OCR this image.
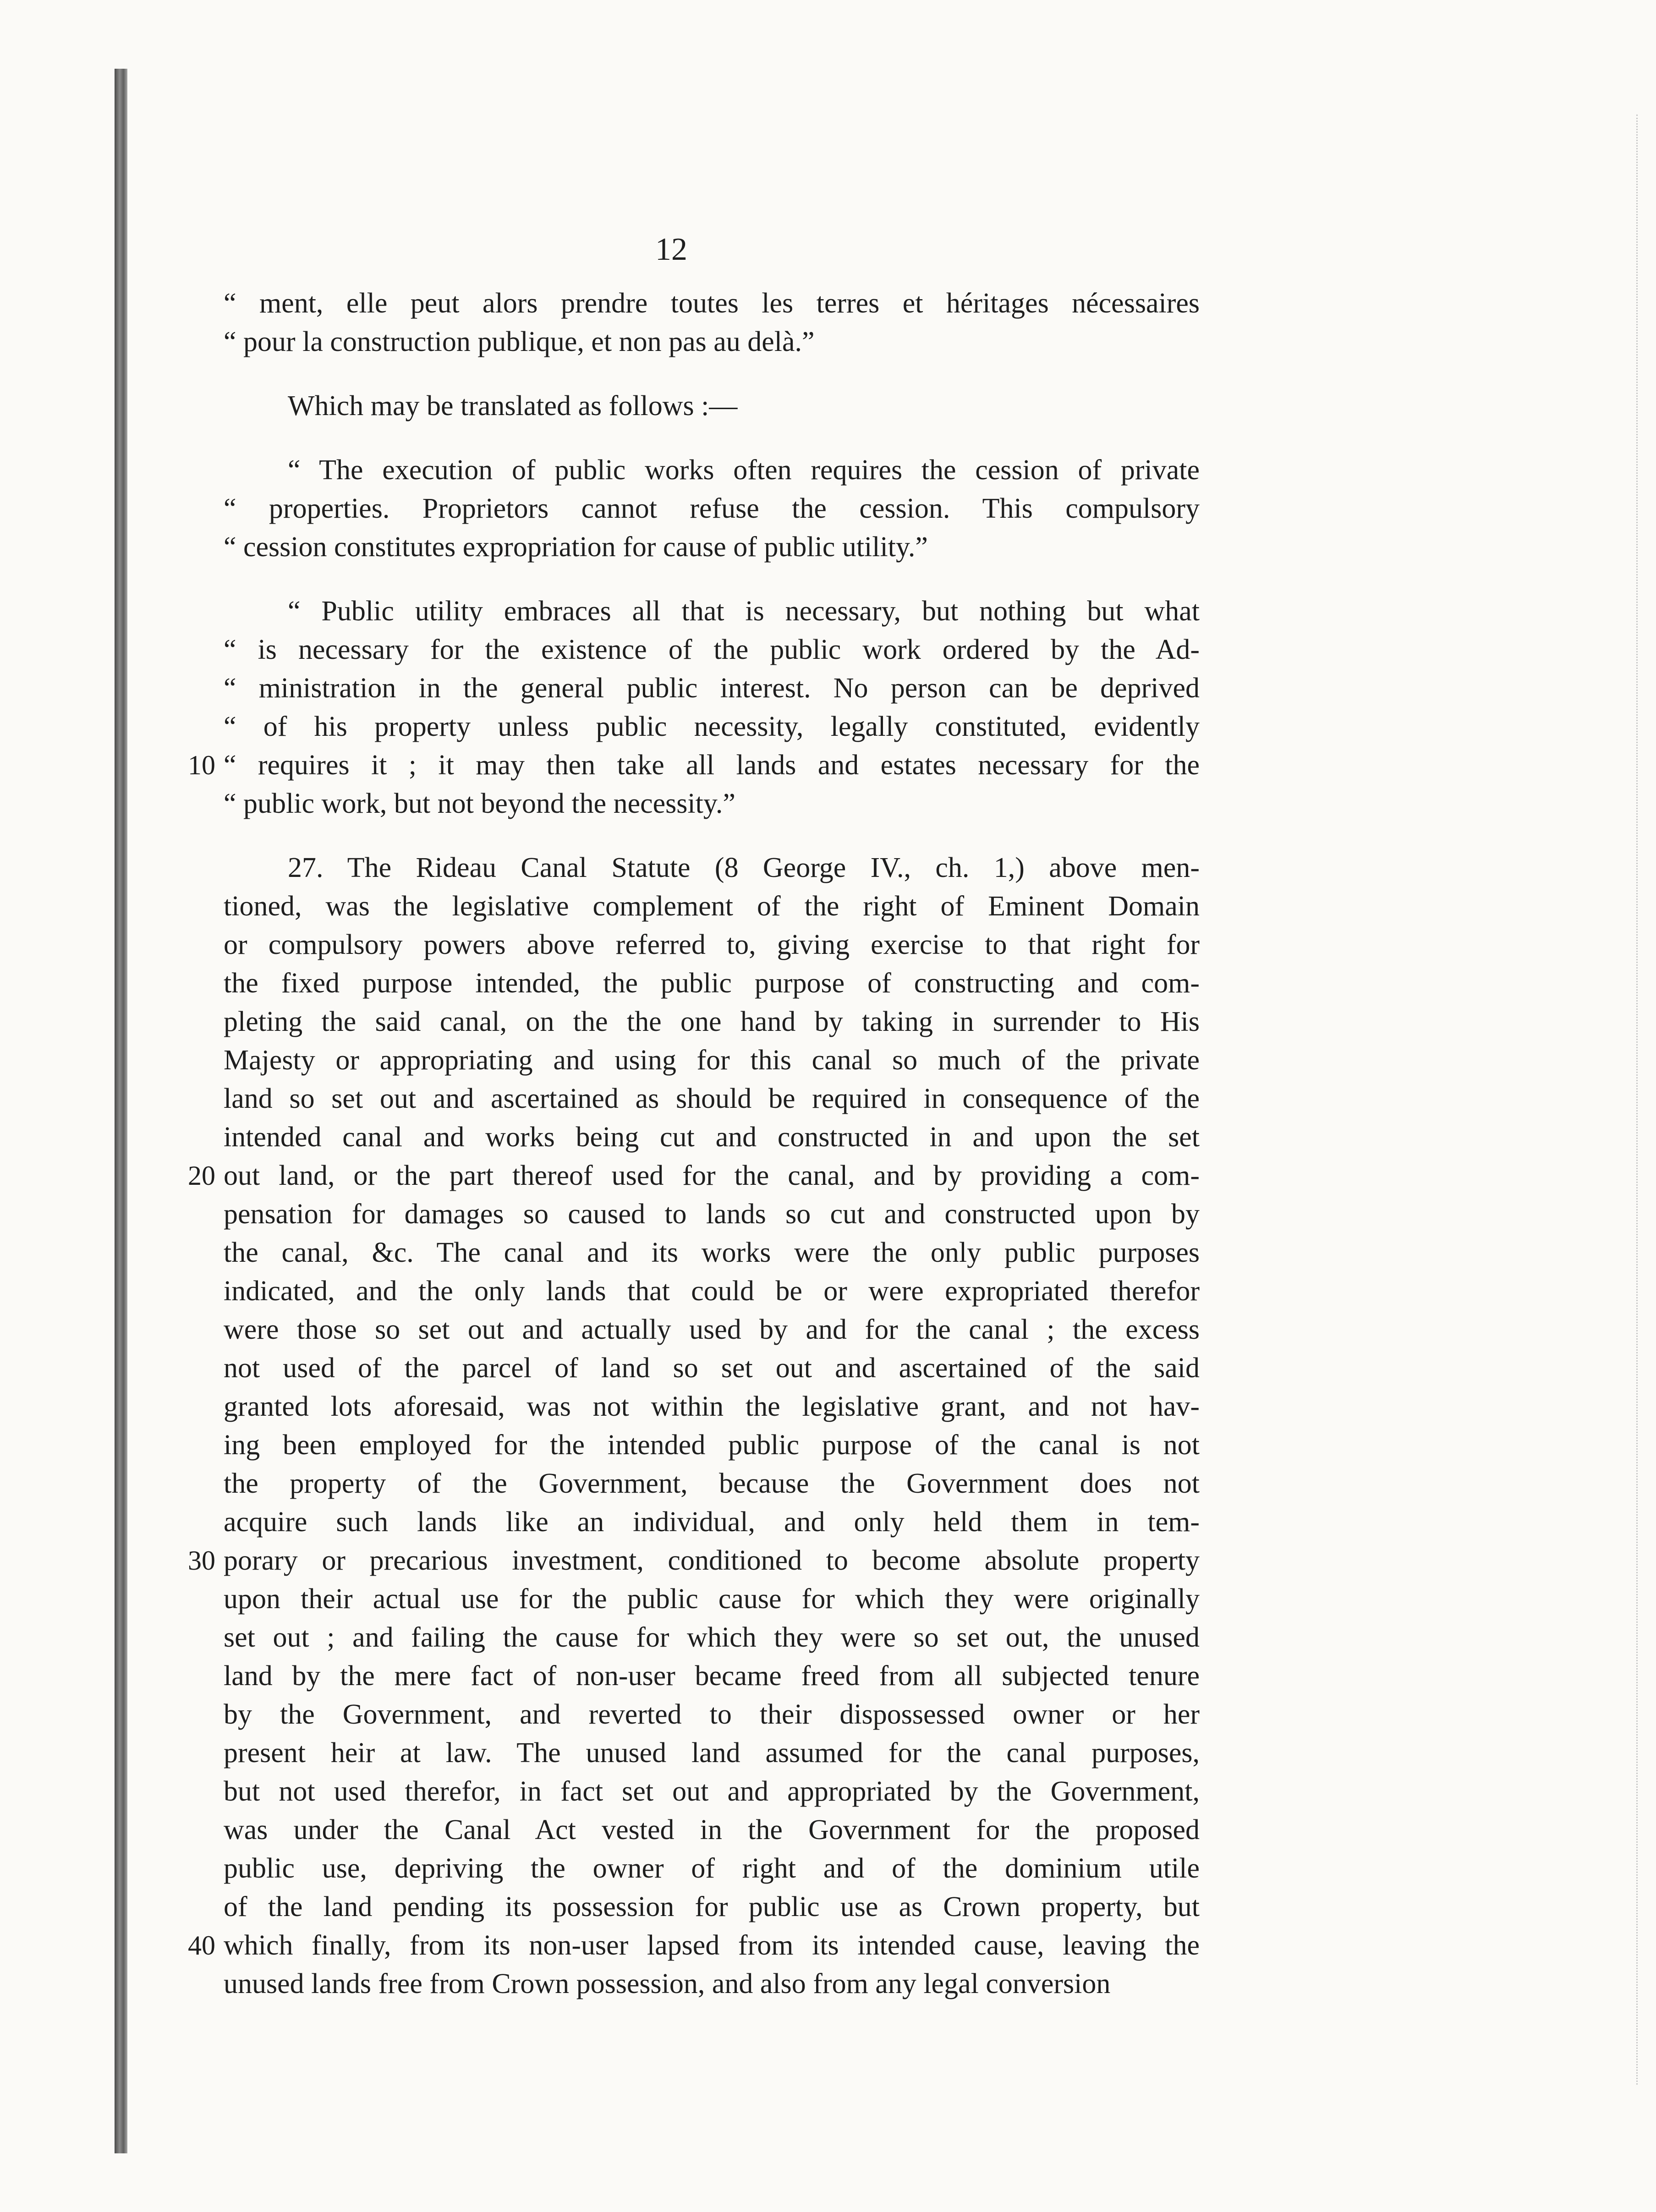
12

“ ment, elle peut alors prendre toutes les terres et héritages nécessaires
“ pour la construction publique, et non pas au delà.”

Which may be translated as follows :—

“ The execution of public works often requires the cession of private
“ properties. Proprietors cannot refuse the cession. This compulsory
“ cession constitutes expropriation for cause of public utility.”

“ Public utility embraces all that is necessary, but nothing but what
“ is necessary for the existence of the public work ordered by the Ad-
“ ministration in the general public interest. No person can be deprived
“ of his property unless public necessity, legally constituted, evidently
10 “ requires it ; it may then take all lands and estates necessary for the
“ public work, but not beyond the necessity.”

27. The Rideau Canal Statute (8 George IV., ch. 1,) above men-
tioned, was the legislative complement of the right of Eminent Domain
or compulsory powers above referred to, giving exercise to that right for
the fixed purpose intended, the public purpose of constructing and com-
pleting the said canal, on the the one hand by taking in surrender to His
Majesty or appropriating and using for this canal so much of the private
land so set out and ascertained as should be required in consequence of the
intended canal and works being cut and constructed in and upon the set
20 out land, or the part thereof used for the canal, and by providing a com-
pensation for damages so caused to lands so cut and constructed upon by
the canal, &c. The canal and its works were the only public purposes
indicated, and the only lands that could be or were expropriated therefor
were those so set out and actually used by and for the canal ; the excess
not used of the parcel of land so set out and ascertained of the said
granted lots aforesaid, was not within the legislative grant, and not hav-
ing been employed for the intended public purpose of the canal is not
the property of the Government, because the Government does not
acquire such lands like an individual, and only held them in tem-
30 porary or precarious investment, conditioned to become absolute property
upon their actual use for the public cause for which they were originally
set out ; and failing the cause for which they were so set out, the unused
land by the mere fact of non-user became freed from all subjected tenure
by the Government, and reverted to their dispossessed owner or her
present heir at law. The unused land assumed for the canal purposes,
but not used therefor, in fact set out and appropriated by the Government,
was under the Canal Act vested in the Government for the proposed
public use, depriving the owner of right and of the dominium utile
of the land pending its possession for public use as Crown property, but
40 which finally, from its non-user lapsed from its intended cause, leaving the
unused lands free from Crown possession, and also from any legal conversion
